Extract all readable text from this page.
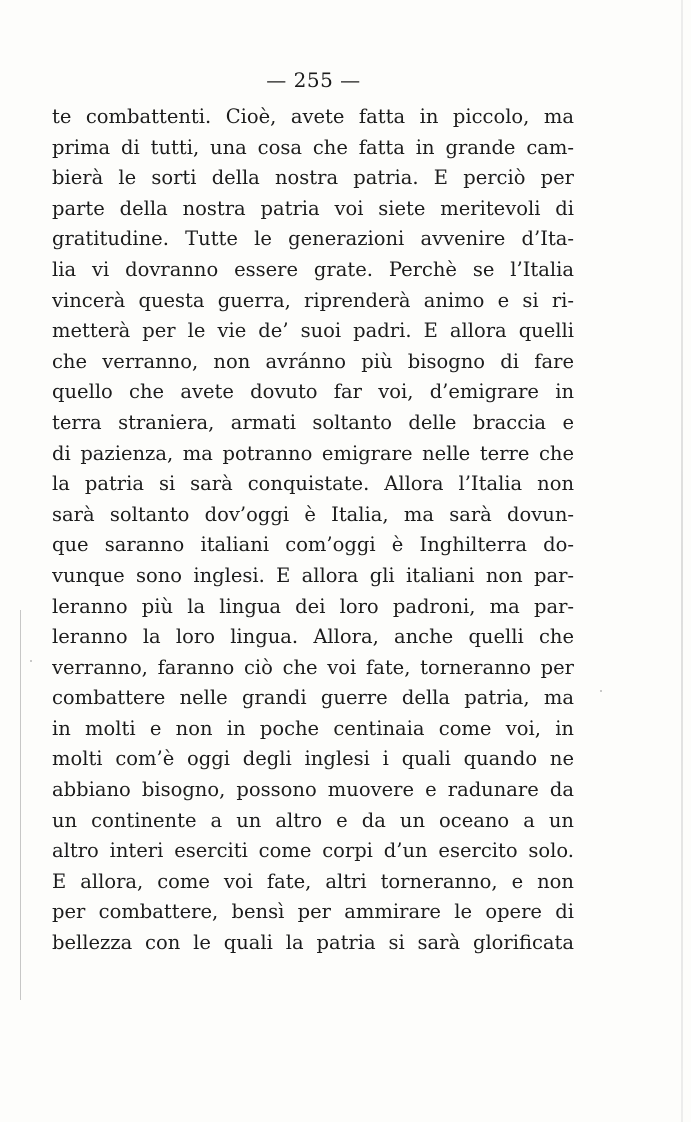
— 255 —
te combattenti. Cioè, avete fatta in piccolo, ma
prima di tutti, una cosa che fatta in grande cam-
bierà le sorti della nostra patria. E perciò per
parte della nostra patria voi siete meritevoli di
gratitudine. Tutte le generazioni avvenire d’Ita-
lia vi dovranno essere grate. Perchè se l’Italia
vincerà questa guerra, riprenderà animo e si ri-
metterà per le vie de’ suoi padri. E allora quelli
che verranno, non avránno più bisogno di fare
quello che avete dovuto far voi, d’emigrare in
terra straniera, armati soltanto delle braccia e
di pazienza, ma potranno emigrare nelle terre che
la patria si sarà conquistate. Allora l’Italia non
sarà soltanto dov’oggi è Italia, ma sarà dovun-
que saranno italiani com’oggi è Inghilterra do-
vunque sono inglesi. E allora gli italiani non par-
leranno più la lingua dei loro padroni, ma par-
leranno la loro lingua. Allora, anche quelli che
verranno, faranno ciò che voi fate, torneranno per
combattere nelle grandi guerre della patria, ma
in molti e non in poche centinaia come voi, in
molti com’è oggi degli inglesi i quali quando ne
abbiano bisogno, possono muovere e radunare da
un continente a un altro e da un oceano a un
altro interi eserciti come corpi d’un esercito solo.
E allora, come voi fate, altri torneranno, e non
per combattere, bensì per ammirare le opere di
bellezza con le quali la patria si sarà glorificata
